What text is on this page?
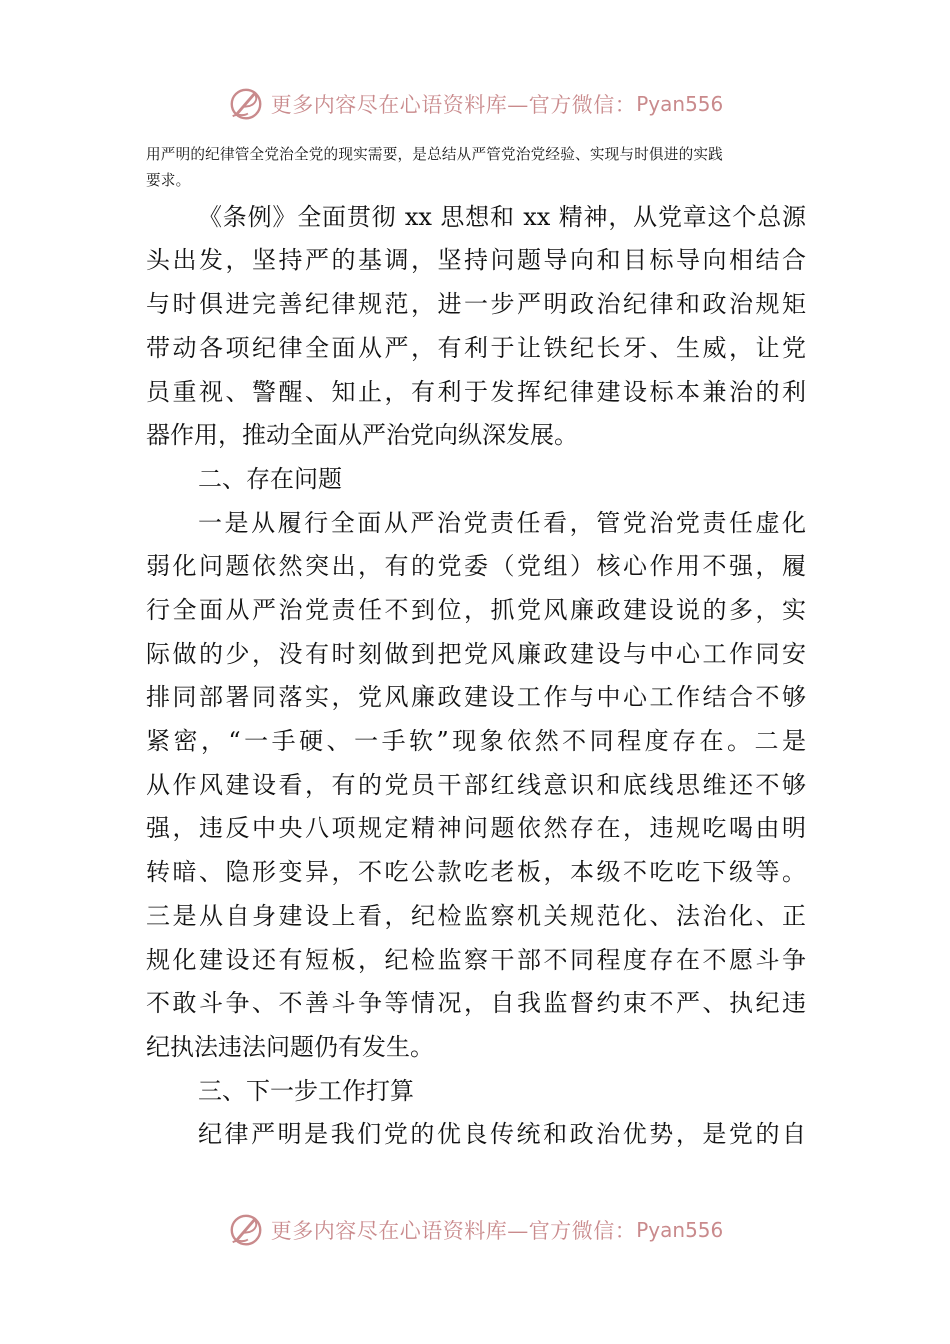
更多内容尽在心语资料库—官方微信： Pyan556
用严明的纪律管全党治全党的现实需要，是总结从严管党治党经验、实现与时俱进的实践
要求。
《条例》全面贯彻 xx 思想和 xx 精神，从党章这个总源
头出发，坚持严的基调，坚持问题导向和目标导向相结合
与时俱进完善纪律规范，进一步严明政治纪律和政治规矩
带动各项纪律全面从严，有利于让铁纪长牙、生威，让党
员重视、警醒、知止，有利于发挥纪律建设标本兼治的利
器作用，推动全面从严治党向纵深发展。
二、存在问题
一是从履行全面从严治党责任看，管党治党责任虚化
弱化问题依然突出，有的党委（党组）核心作用不强，履
行全面从严治党责任不到位，抓党风廉政建设说的多，实
际做的少，没有时刻做到把党风廉政建设与中心工作同安
排同部署同落实，党风廉政建设工作与中心工作结合不够
紧密，“一手硬、一手软”现象依然不同程度存在。二是
从作风建设看，有的党员干部红线意识和底线思维还不够
强，违反中央八项规定精神问题依然存在，违规吃喝由明
转暗、隐形变异，不吃公款吃老板，本级不吃吃下级等。
三是从自身建设上看，纪检监察机关规范化、法治化、正
规化建设还有短板，纪检监察干部不同程度存在不愿斗争
不敢斗争、不善斗争等情况，自我监督约束不严、执纪违
纪执法违法问题仍有发生。
三、下一步工作打算
纪律严明是我们党的优良传统和政治优势，是党的自
更多内容尽在心语资料库—官方微信： Pyan556
